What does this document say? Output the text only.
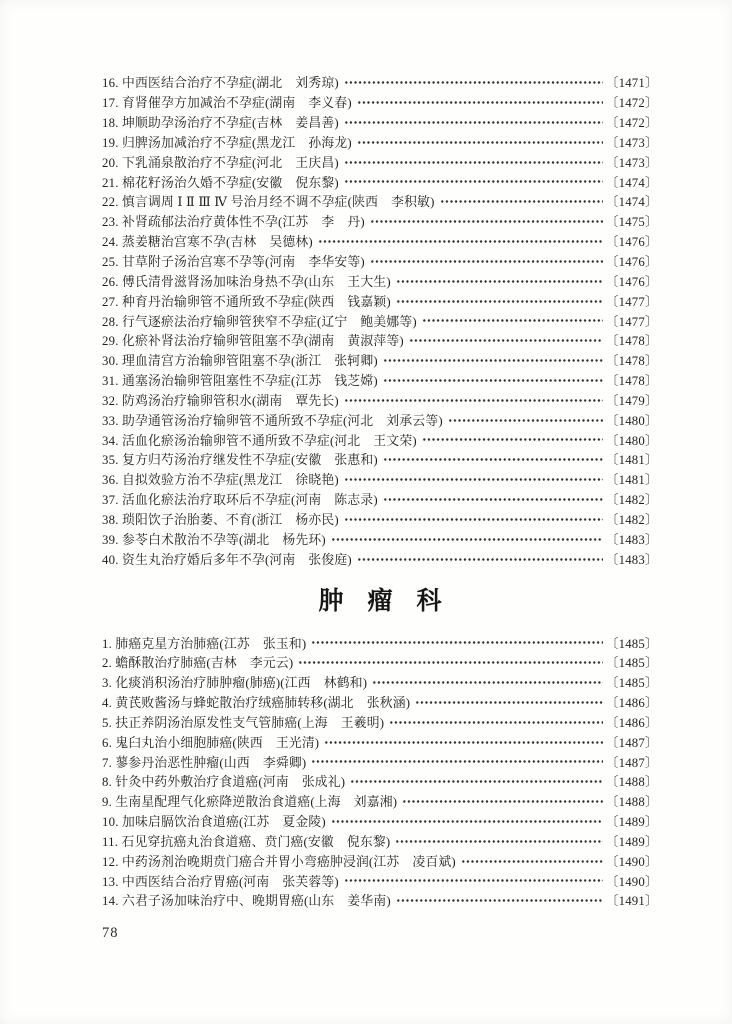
16. 中西医结合治疗不孕症(湖北　刘秀琼)	〔1471〕
17. 育肾催孕方加减治不孕症(湖南　李义春)	〔1472〕
18. 坤顺助孕汤治疗不孕症(吉林　姜昌善)	〔1472〕
19. 归脾汤加减治疗不孕症(黑龙江　孙海龙)	〔1473〕
20. 下乳涌泉散治疗不孕症(河北　王庆昌)	〔1473〕
21. 棉花籽汤治久婚不孕症(安徽　倪东黎)	〔1474〕
22. 慎言调周 Ⅰ Ⅱ Ⅲ Ⅳ 号治月经不调不孕症(陕西　李积敏)	〔1474〕
23. 补肾疏郁法治疗黄体性不孕(江苏　李　丹)	〔1475〕
24. 蒸姜糖治宫寒不孕(吉林　吴德林)	〔1476〕
25. 甘草附子汤治宫寒不孕等(河南　李华安等)	〔1476〕
26. 傅氏清骨滋肾汤加味治身热不孕(山东　王大生)	〔1476〕
27. 种育丹治输卵管不通所致不孕症(陕西　钱嘉颖)	〔1477〕
28. 行气逐瘀法治疗输卵管狭窄不孕症(辽宁　鲍美娜等)	〔1477〕
29. 化瘀补肾法治疗输卵管阻塞不孕(湖南　黄淑萍等)	〔1478〕
30. 理血清宫方治输卵管阻塞不孕(浙江　张轲卿)	〔1478〕
31. 通塞汤治输卵管阻塞性不孕症(江苏　钱芝嫦)	〔1478〕
32. 防鸡汤治疗输卵管积水(湖南　覃先长)	〔1479〕
33. 助孕通管汤治疗输卵管不通所致不孕症(河北　刘承云等)	〔1480〕
34. 活血化瘀汤治输卵管不通所致不孕症(河北　王文荣)	〔1480〕
35. 复方归芍汤治疗继发性不孕症(安徽　张惠和)	〔1481〕
36. 自拟效验方治不孕症(黑龙江　徐晓艳)	〔1481〕
37. 活血化瘀法治疗取环后不孕症(河南　陈志录)	〔1482〕
38. 琐阳饮子治胎萎、不育(浙江　杨亦民)	〔1482〕
39. 参苓白术散治不孕等(湖北　杨先环)	〔1483〕
40. 资生丸治疗婚后多年不孕(河南　张俊庭)	〔1483〕
肿瘤科
1. 肺癌克星方治肺癌(江苏　张玉和)	〔1485〕
2. 蟾酥散治疗肺癌(吉林　李元云)	〔1485〕
3. 化痰消积汤治疗肺肿瘤(肺癌)(江西　林鹤和)	〔1485〕
4. 黄芪败酱汤与蜂蛇散治疗绒癌肺转移(湖北　张秋涵)	〔1486〕
5. 扶正养阴汤治原发性支气管肺癌(上海　王羲明)	〔1486〕
6. 鬼臼丸治小细胞肺癌(陕西　王光清)	〔1487〕
7. 蓼参丹治恶性肿瘤(山西　李舜卿)	〔1487〕
8. 针灸中药外敷治疗食道癌(河南　张成礼)	〔1488〕
9. 生南星配理气化瘀降逆散治食道癌(上海　刘嘉湘)	〔1488〕
10. 加味启膈饮治食道癌(江苏　夏金陵)	〔1489〕
11. 石见穿抗癌丸治食道癌、贲门癌(安徽　倪东黎)	〔1489〕
12. 中药汤剂治晚期贲门癌合并胃小弯癌肿浸润(江苏　凌百斌)	〔1490〕
13. 中西医结合治疗胃癌(河南　张芙蓉等)	〔1490〕
14. 六君子汤加味治疗中、晚期胃癌(山东　姜华南)	〔1491〕
78
